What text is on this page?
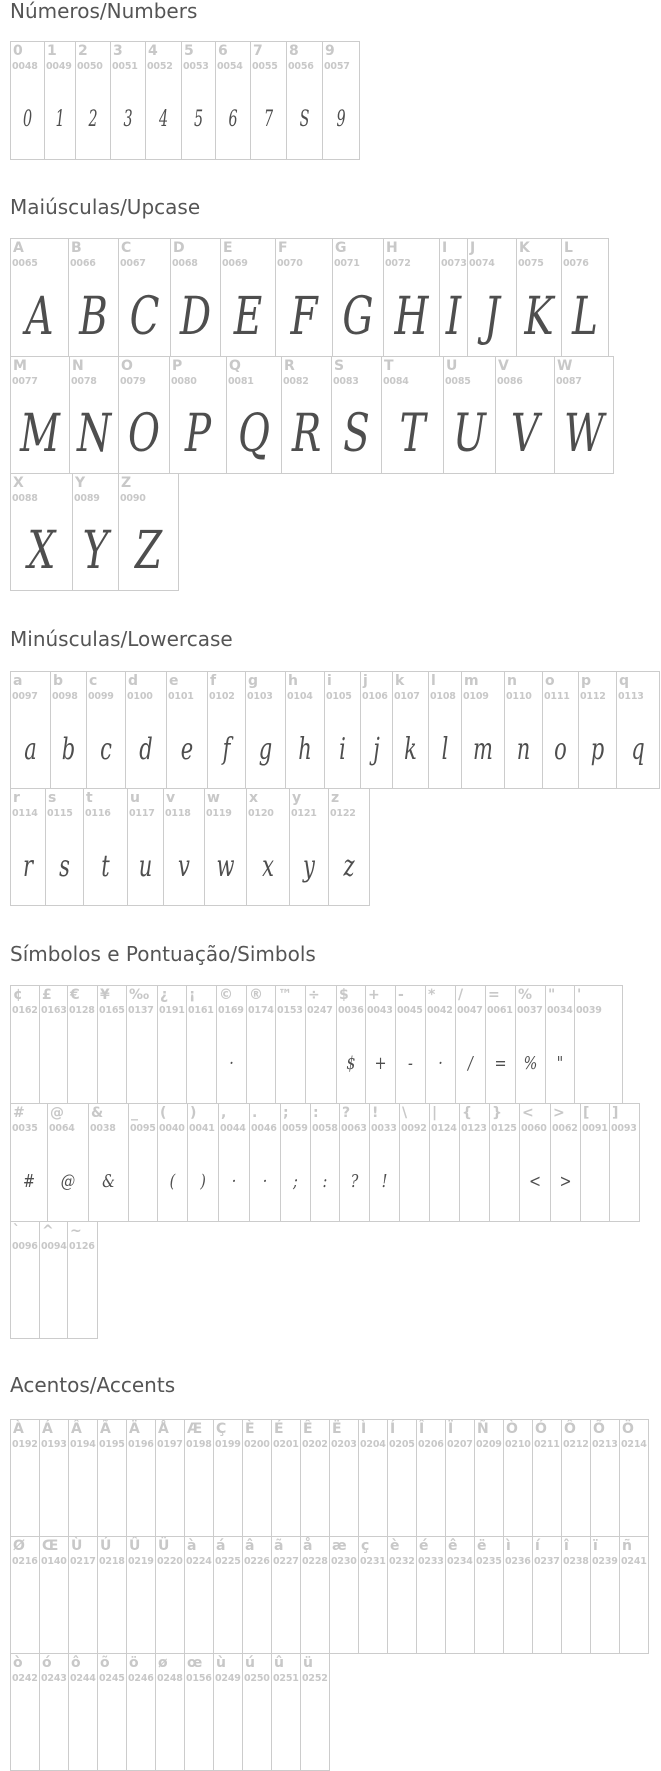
Números/Numbers
0
0048
0
1
0049
1
2
0050
2
3
0051
3
4
0052
4
5
0053
5
6
0054
6
7
0055
7
8
0056
S
9
0057
9
Maiúsculas/Upcase
A
0065
A
B
0066
B
C
0067
C
D
0068
D
E
0069
E
F
0070
F
G
0071
G
H
0072
H
I
0073
I
J
0074
J
K
0075
K
L
0076
L
M
0077
M
N
0078
N
O
0079
O
P
0080
P
Q
0081
Q
R
0082
R
S
0083
S
T
0084
T
U
0085
U
V
0086
V
W
0087
W
X
0088
X
Y
0089
Y
Z
0090
Z
Minúsculas/Lowercase
a
0097
a
b
0098
b
c
0099
c
d
0100
d
e
0101
e
f
0102
f
g
0103
g
h
0104
h
i
0105
i
j
0106
j
k
0107
k
l
0108
l
m
0109
m
n
0110
n
o
0111
o
p
0112
p
q
0113
q
r
0114
r
s
0115
s
t
0116
t
u
0117
u
v
0118
v
w
0119
w
x
0120
x
y
0121
y
z
0122
z
Símbolos e Pontuação/Simbols
¢
0162
£
0163
€
0128
¥
0165
‰
0137
¿
0191
¡
0161
©
0169
·
®
0174
™
0153
÷
0247
$
0036
$
+
0043
+
-
0045
-
*
0042
·
/
0047
/
=
0061
=
%
0037
%
"
0034
"
'
0039
#
0035
#
@
0064
@
&
0038
&
_
0095
(
0040
(
)
0041
)
,
0044
·
.
0046
·
;
0059
;
:
0058
:
?
0063
?
!
0033
!
\
0092
|
0124
{
0123
}
0125
<
0060
<
>
0062
>
[
0091
]
0093
`
0096
^
0094
~
0126
Acentos/Accents
À
0192
Á
0193
Â
0194
Ã
0195
Ä
0196
Å
0197
Æ
0198
Ç
0199
È
0200
É
0201
Ê
0202
Ë
0203
Ì
0204
Í
0205
Î
0206
Ï
0207
Ñ
0209
Ò
0210
Ó
0211
Ô
0212
Õ
0213
Ö
0214
Ø
0216
Œ
0140
Ù
0217
Ú
0218
Û
0219
Ü
0220
à
0224
á
0225
â
0226
ã
0227
å
0228
æ
0230
ç
0231
è
0232
é
0233
ê
0234
ë
0235
ì
0236
í
0237
î
0238
ï
0239
ñ
0241
ò
0242
ó
0243
ô
0244
õ
0245
ö
0246
ø
0248
œ
0156
ù
0249
ú
0250
û
0251
ü
0252
